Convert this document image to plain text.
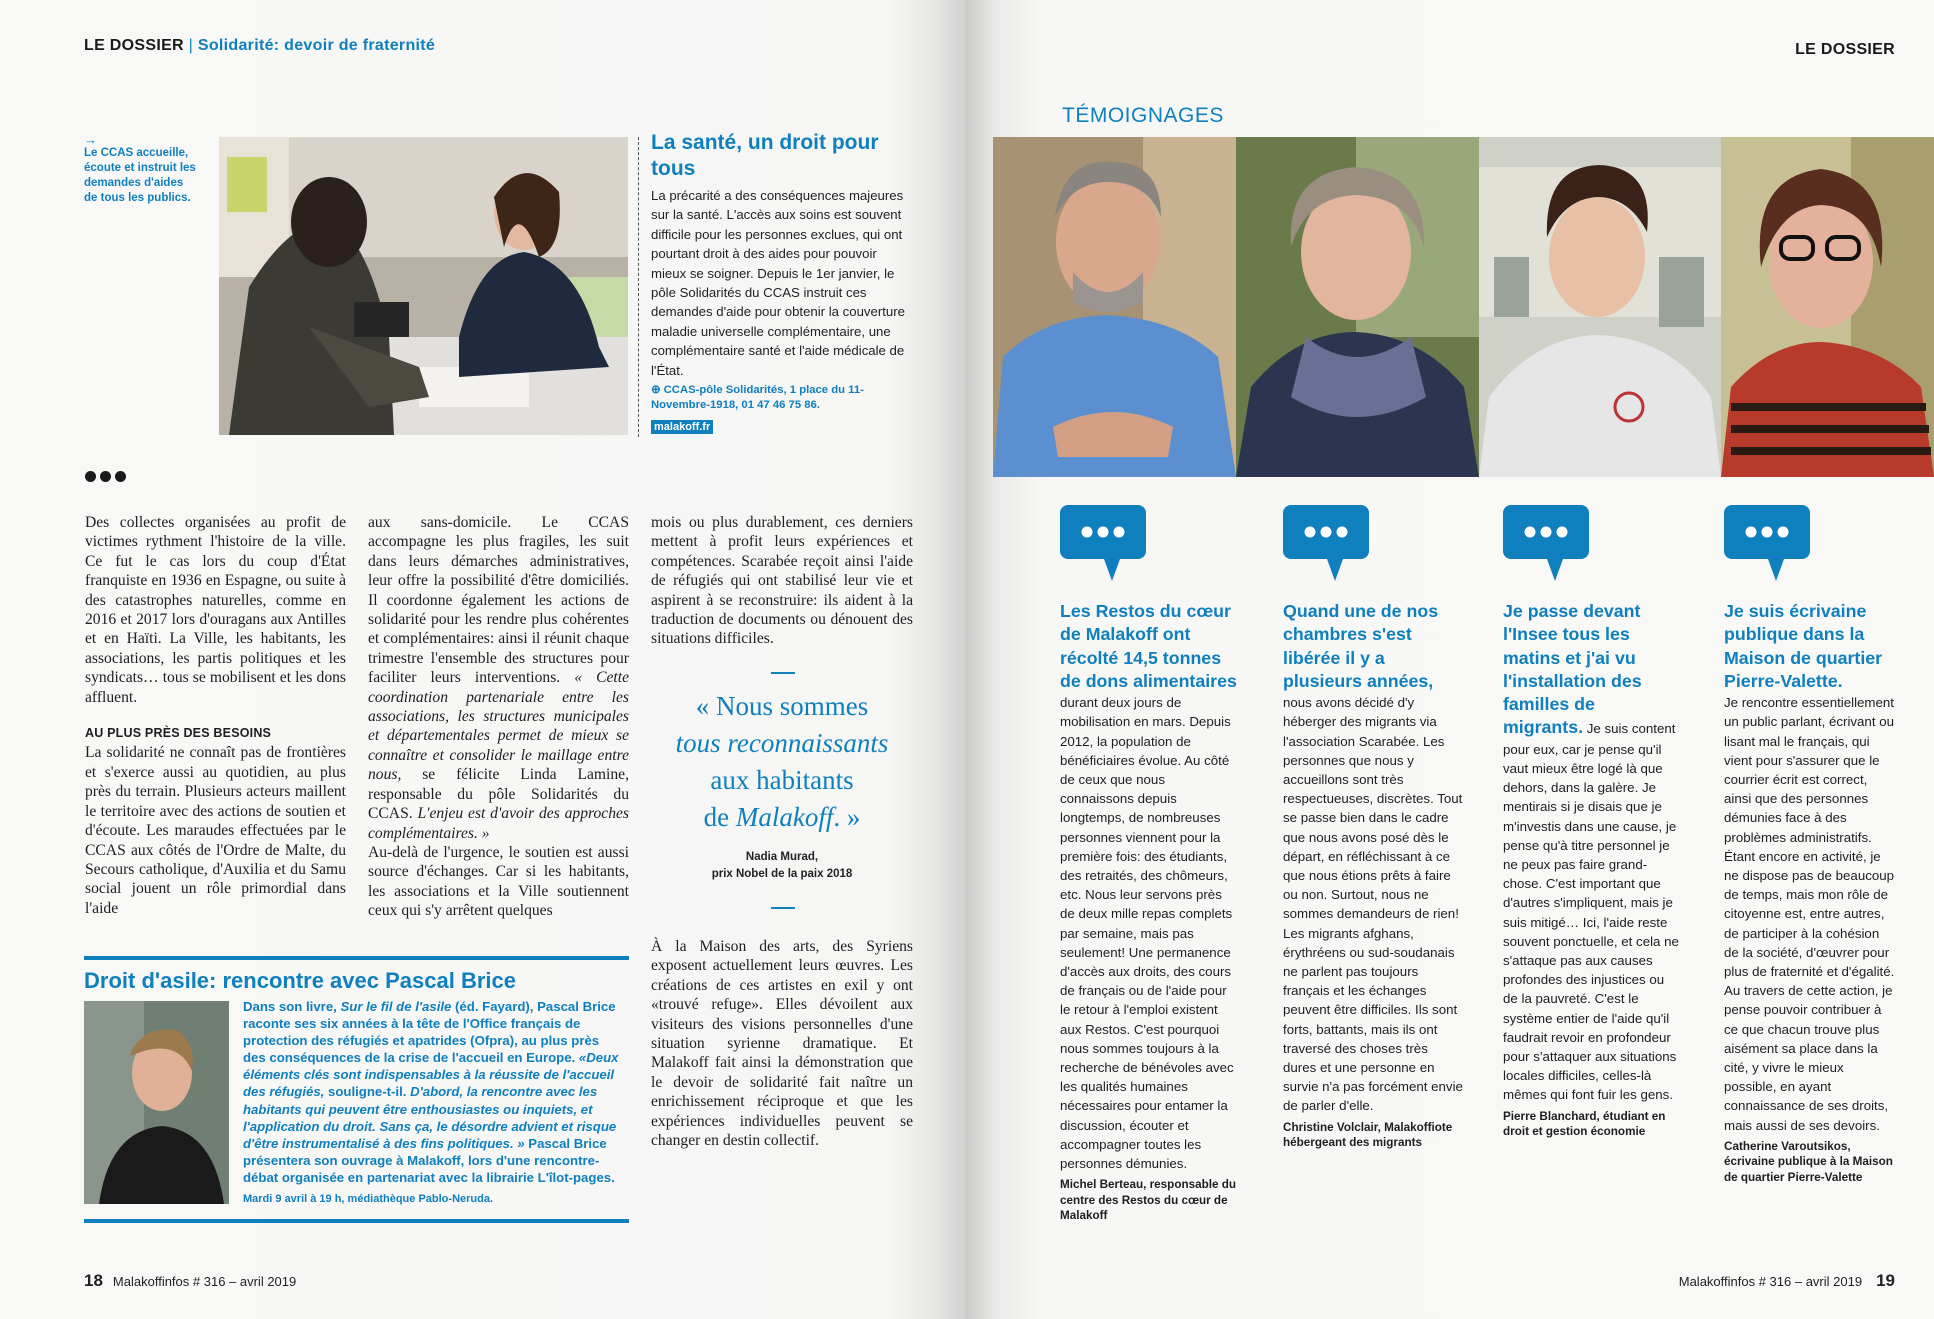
LE DOSSIER | Solidarité: devoir de fraternité
→
Le CCAS accueille, écoute et instruit les demandes d'aides de tous les publics.
La santé, un droit pour tous
La précarité a des conséquences majeures sur la santé. L'accès aux soins est souvent difficile pour les personnes exclues, qui ont pourtant droit à des aides pour pouvoir mieux se soigner. Depuis le 1er janvier, le pôle Solidarités du CCAS instruit ces demandes d'aide pour obtenir la couverture maladie universelle complémentaire, une complémentaire santé et l'aide médicale de l'État.
⊕ CCAS-pôle Solidarités, 1 place du 11-Novembre-1918, 01 47 46 75 86.
malakoff.fr
Des collectes organisées au profit de victimes rythment l'histoire de la ville. Ce fut le cas lors du coup d'État franquiste en 1936 en Espagne, ou suite à des catastrophes naturelles, comme en 2016 et 2017 lors d'ouragans aux Antilles et en Haïti. La Ville, les habitants, les associations, les partis politiques et les syndicats… tous se mobilisent et les dons affluent.
AU PLUS PRÈS DES BESOINS
La solidarité ne connaît pas de frontières et s'exerce aussi au quotidien, au plus près du terrain. Plusieurs acteurs maillent le territoire avec des actions de soutien et d'écoute. Les maraudes effectuées par le CCAS aux côtés de l'Ordre de Malte, du Secours catholique, d'Auxilia et du Samu social jouent un rôle primordial dans l'aide
aux sans-domicile. Le CCAS accompagne les plus fragiles, les suit dans leurs démarches administratives, leur offre la possibilité d'être domiciliés. Il coordonne également les actions de solidarité pour les rendre plus cohérentes et complémentaires: ainsi il réunit chaque trimestre l'ensemble des structures pour faciliter leurs interventions. « Cette coordination partenariale entre les associations, les structures municipales et départementales permet de mieux se connaître et consolider le maillage entre nous, se félicite Linda Lamine, responsable du pôle Solidarités du CCAS. L'enjeu est d'avoir des approches complémentaires. »
Au-delà de l'urgence, le soutien est aussi source d'échanges. Car si les habitants, les associations et la Ville soutiennent ceux qui s'y arrêtent quelques
mois ou plus durablement, ces derniers mettent à profit leurs expériences et compétences. Scarabée reçoit ainsi l'aide de réfugiés qui ont stabilisé leur vie et aspirent à se reconstruire: ils aident à la traduction de documents ou dénouent des situations difficiles.
« Nous sommes
tous reconnaissants
aux habitants
de Malakoff. »
Nadia Murad,
prix Nobel de la paix 2018
À la Maison des arts, des Syriens exposent actuellement leurs œuvres. Les créations de ces artistes en exil y ont «trouvé refuge». Elles dévoilent aux visiteurs des visions personnelles d'une situation syrienne dramatique. Et Malakoff fait ainsi la démonstration que le devoir de solidarité fait naître un enrichissement réciproque et que les expériences individuelles peuvent se changer en destin collectif.
Droit d'asile: rencontre avec Pascal Brice
Dans son livre, Sur le fil de l'asile (éd. Fayard), Pascal Brice raconte ses six années à la tête de l'Office français de protection des réfugiés et apatrides (Ofpra), au plus près des conséquences de la crise de l'accueil en Europe. «Deux éléments clés sont indispensables à la réussite de l'accueil des réfugiés, souligne-t-il. D'abord, la rencontre avec les habitants qui peuvent être enthousiastes ou inquiets, et l'application du droit. Sans ça, le désordre advient et risque d'être instrumentalisé à des fins politiques. » Pascal Brice présentera son ouvrage à Malakoff, lors d'une rencontre-débat organisée en partenariat avec la librairie L'îlot-pages.
Mardi 9 avril à 19 h, médiathèque Pablo-Neruda.
18 Malakoffinfos # 316 – avril 2019
LE DOSSIER
TÉMOIGNAGES
Les Restos du cœur de Malakoff ont récolté 14,5 tonnes de dons alimentaires
durant deux jours de mobilisation en mars. Depuis 2012, la population de bénéficiaires évolue. Au côté de ceux que nous connaissons depuis longtemps, de nombreuses personnes viennent pour la première fois: des étudiants, des retraités, des chômeurs, etc. Nous leur servons près de deux mille repas complets par semaine, mais pas seulement! Une permanence d'accès aux droits, des cours de français ou de l'aide pour le retour à l'emploi existent aux Restos. C'est pourquoi nous sommes toujours à la recherche de bénévoles avec les qualités humaines nécessaires pour entamer la discussion, écouter et accompagner toutes les personnes démunies.
Michel Berteau, responsable du centre des Restos du cœur de Malakoff
Quand une de nos chambres s'est libérée il y a plusieurs années,
nous avons décidé d'y héberger des migrants via l'association Scarabée. Les personnes que nous y accueillons sont très respectueuses, discrètes. Tout se passe bien dans le cadre que nous avons posé dès le départ, en réfléchissant à ce que nous étions prêts à faire ou non. Surtout, nous ne sommes demandeurs de rien! Les migrants afghans, érythréens ou sud-soudanais ne parlent pas toujours français et les échanges peuvent être difficiles. Ils sont forts, battants, mais ils ont traversé des choses très dures et une personne en survie n'a pas forcément envie de parler d'elle.
Christine Volclair, Malakoffiote hébergeant des migrants
Je passe devant l'Insee tous les matins et j'ai vu l'installation des familles de migrants. Je suis content pour eux, car je pense qu'il vaut mieux être logé là que dehors, dans la galère. Je mentirais si je disais que je m'investis dans une cause, je pense qu'à titre personnel je ne peux pas faire grand-chose. C'est important que d'autres s'impliquent, mais je suis mitigé… Ici, l'aide reste souvent ponctuelle, et cela ne s'attaque pas aux causes profondes des injustices ou de la pauvreté. C'est le système entier de l'aide qu'il faudrait revoir en profondeur pour s'attaquer aux situations locales difficiles, celles-là mêmes qui font fuir les gens.
Pierre Blanchard, étudiant en droit et gestion économie
Je suis écrivaine publique dans la Maison de quartier Pierre-Valette.
Je rencontre essentiellement un public parlant, écrivant ou lisant mal le français, qui vient pour s'assurer que le courrier écrit est correct, ainsi que des personnes démunies face à des problèmes administratifs. Étant encore en activité, je ne dispose pas de beaucoup de temps, mais mon rôle de citoyenne est, entre autres, de participer à la cohésion de la société, d'œuvrer pour plus de fraternité et d'égalité. Au travers de cette action, je pense pouvoir contribuer à ce que chacun trouve plus aisément sa place dans la cité, y vivre le mieux possible, en ayant connaissance de ses droits, mais aussi de ses devoirs.
Catherine Varoutsikos, écrivaine publique à la Maison de quartier Pierre-Valette
Malakoffinfos # 316 – avril 2019 19
